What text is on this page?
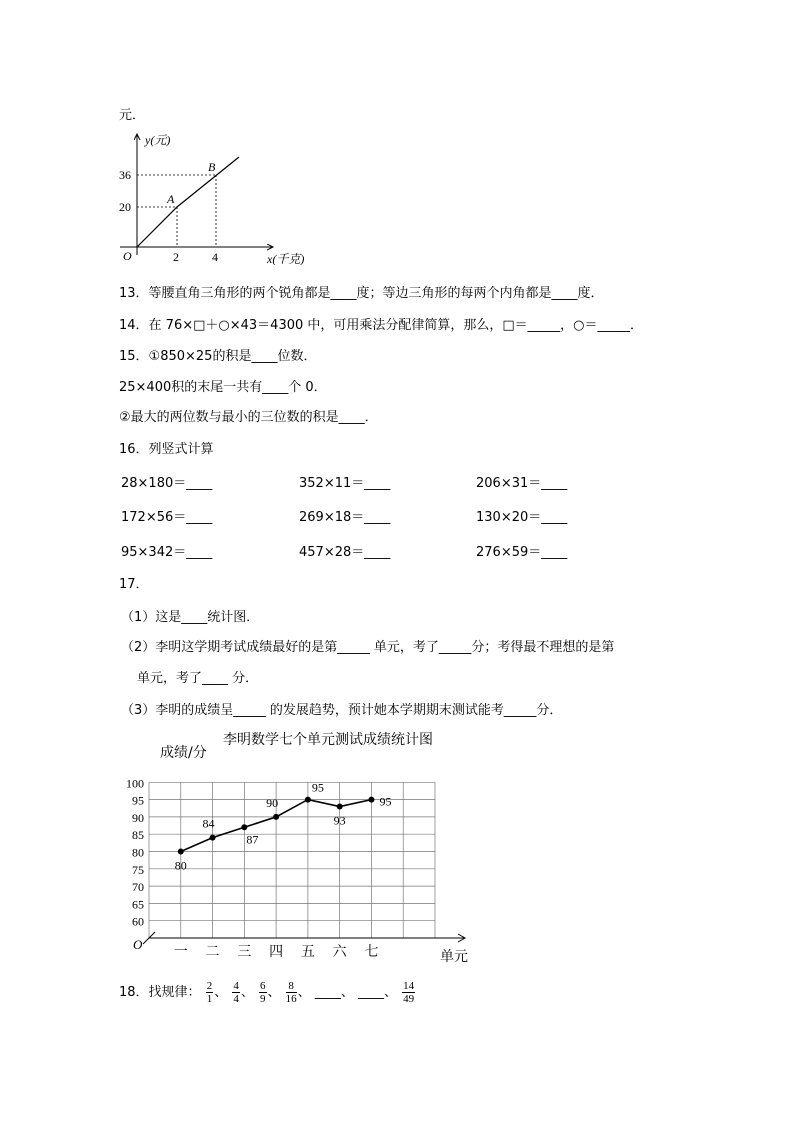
元．
y(元)
x(千克)
O
36
20
2	4
A
B
13．等腰直角三角形的两个锐角都是____度；等边三角形的每两个内角都是____度．
14．在 76×□＋○×43＝4300 中，可用乘法分配律简算，那么，□＝_____，○＝_____．
15．①850×25的积是____位数．
25×400积的末尾一共有____个 0．
②最大的两位数与最小的三位数的积是____．
16．列竖式计算
28×180＝____	352×11＝____	206×31＝____
172×56＝____	269×18＝____	130×20＝____
95×342＝____	457×28＝____	276×59＝____
17．
（1）这是____统计图．
（2）李明这学期考试成绩最好的是第_____ 单元，考了_____分；考得最不理想的是第
单元，考了____ 分．
（3）李明的成绩呈_____ 的发展趋势，预计她本学期期末测试能考_____分．
李明数学七个单元测试成绩统计图
成绩/分
单元
O
100
95
90
85
80
75
70
65
60
一 二 三 四 五 六 七
80
84
87
90
95
93
95
18．找规律： $\frac{2}{1}$ 、 $\frac{4}{4}$ 、 $\frac{6}{9}$ 、 $\frac{8}{16}$ 、 ____、 ____、 $\frac{14}{49}$
